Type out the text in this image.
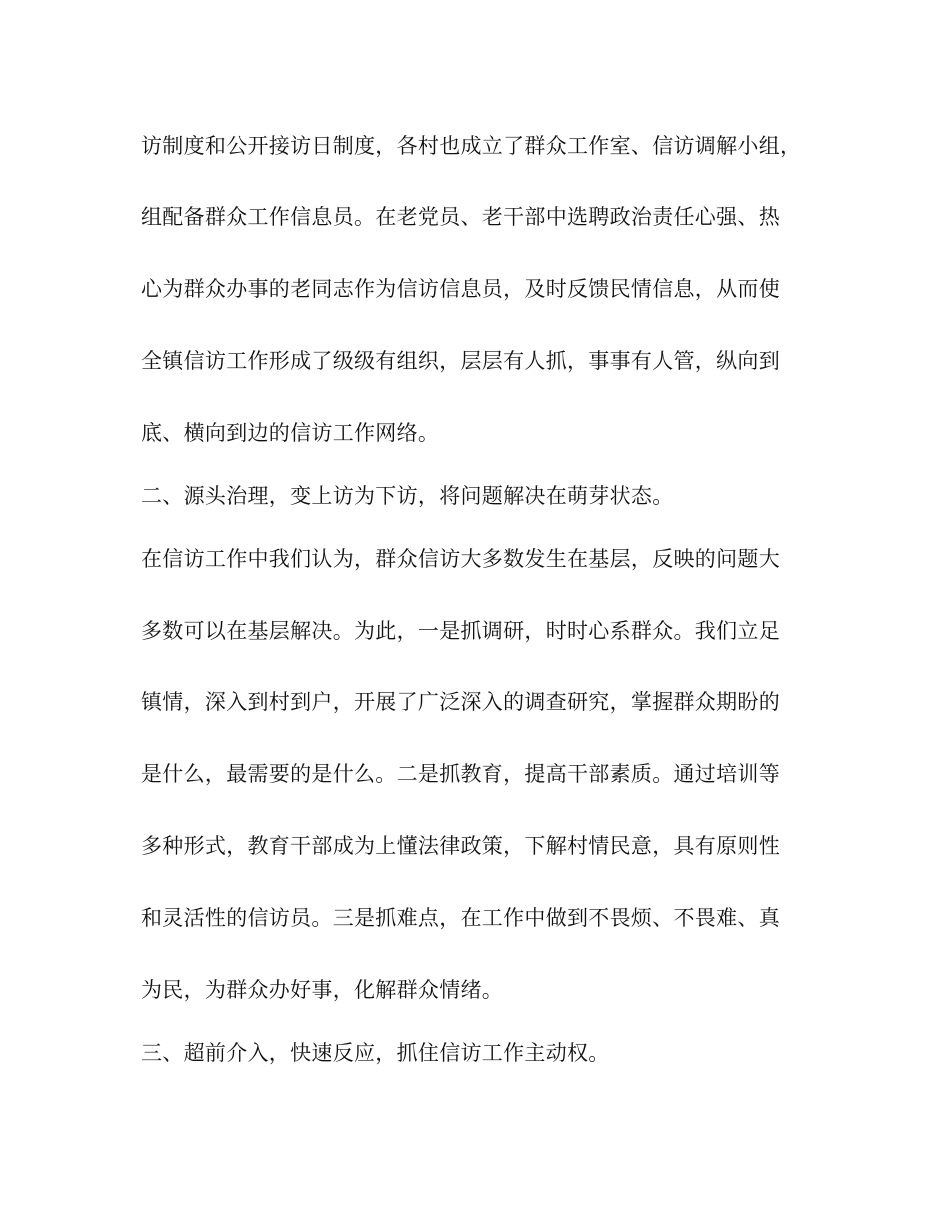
访制度和公开接访日制度，各村也成立了群众工作室、信访调解小组，
组配备群众工作信息员。在老党员、老干部中选聘政治责任心强、热
心为群众办事的老同志作为信访信息员，及时反馈民情信息，从而使
全镇信访工作形成了级级有组织，层层有人抓，事事有人管，纵向到
底、横向到边的信访工作网络。
二、源头治理，变上访为下访，将问题解决在萌芽状态。
在信访工作中我们认为，群众信访大多数发生在基层，反映的问题大
多数可以在基层解决。为此，一是抓调研，时时心系群众。我们立足
镇情，深入到村到户，开展了广泛深入的调查研究，掌握群众期盼的
是什么，最需要的是什么。二是抓教育，提高干部素质。通过培训等
多种形式，教育干部成为上懂法律政策，下解村情民意，具有原则性
和灵活性的信访员。三是抓难点，在工作中做到不畏烦、不畏难、真
为民，为群众办好事，化解群众情绪。
三、超前介入，快速反应，抓住信访工作主动权。
